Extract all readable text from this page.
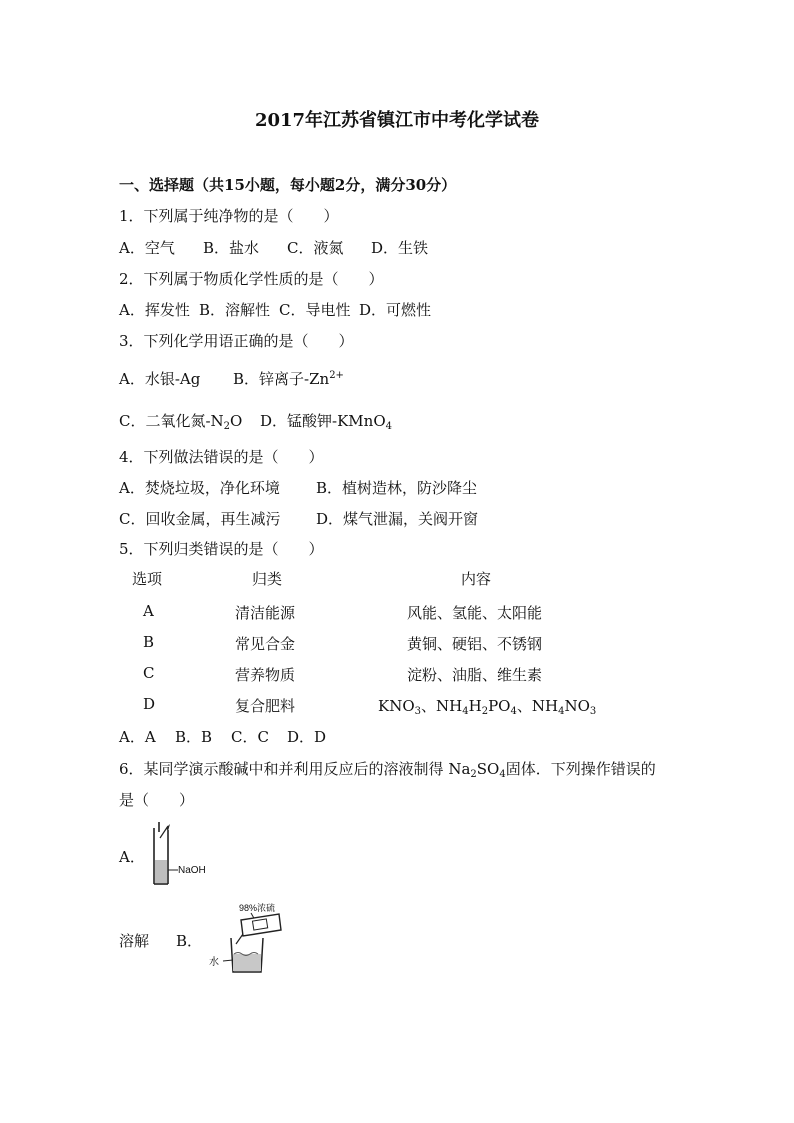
2017年江苏省镇江市中考化学试卷
一、选择题（共15小题，每小题2分，满分30分）
1．下列属于纯净物的是（　　）
A．空气 B．盐水 C．液氮 D．生铁
2．下列属于物质化学性质的是（　　）
A．挥发性 B．溶解性 C．导电性 D．可燃性
3．下列化学用语正确的是（　　）
A．水银-Ag B．锌离子$-Zn^{2+}$
C．二氧化氮$-N_2O$ D．锰酸钾-KMnO$_4$
4．下列做法错误的是（　　）
A．焚烧垃圾，净化环境 B．植树造林，防沙降尘
C．回收金属，再生减污 D．煤气泄漏，关阀开窗
5．下列归类错误的是（　　）
选项	归类	内容
A	清洁能源	风能、氢能、太阳能
B	常见合金	黄铜、硬铝、不锈钢
C	营养物质	淀粉、油脂、维生素
D	复合肥料	$KNO_3$、$NH_4H_2PO_4$、$NH_4NO_3$
A．A B．B C．C D．D
6．某同学演示酸碱中和并利用反应后的溶液制得 $Na_2SO_4$固体．下列操作错误的
是（　　）
A．
NaOH
溶解 B．
98%浓硫
水
